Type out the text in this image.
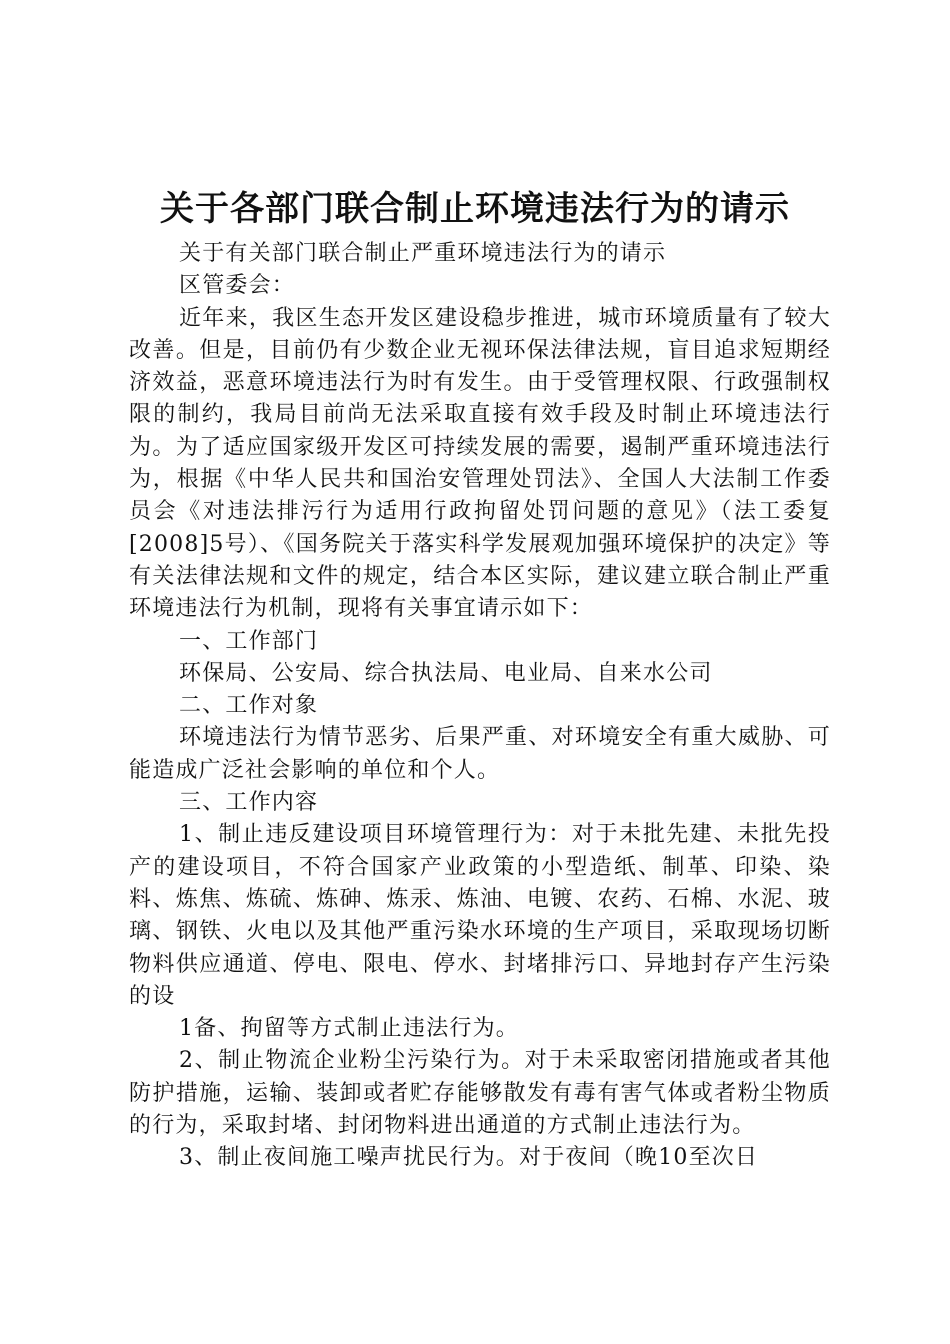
关于各部门联合制止环境违法行为的请示

关于有关部门联合制止严重环境违法行为的请示

区管委会：

近年来，我区生态开发区建设稳步推进，城市环境质量有了较大改善。但是，目前仍有少数企业无视环保法律法规，盲目追求短期经济效益，恶意环境违法行为时有发生。由于受管理权限、行政强制权限的制约，我局目前尚无法采取直接有效手段及时制止环境违法行为。为了适应国家级开发区可持续发展的需要，遏制严重环境违法行为，根据《中华人民共和国治安管理处罚法》、全国人大法制工作委员会《对违法排污行为适用行政拘留处罚问题的意见》（法工委复[2008]5号）、《国务院关于落实科学发展观加强环境保护的决定》等有关法律法规和文件的规定，结合本区实际，建议建立联合制止严重环境违法行为机制，现将有关事宜请示如下：

一、工作部门

环保局、公安局、综合执法局、电业局、自来水公司

二、工作对象

环境违法行为情节恶劣、后果严重、对环境安全有重大威胁、可能造成广泛社会影响的单位和个人。

三、工作内容

1、制止违反建设项目环境管理行为：对于未批先建、未批先投产的建设项目，不符合国家产业政策的小型造纸、制革、印染、染料、炼焦、炼硫、炼砷、炼汞、炼油、电镀、农药、石棉、水泥、玻璃、钢铁、火电以及其他严重污染水环境的生产项目，采取现场切断物料供应通道、停电、限电、停水、封堵排污口、异地封存产生污染的设

1备、拘留等方式制止违法行为。

2、制止物流企业粉尘污染行为。对于未采取密闭措施或者其他防护措施，运输、装卸或者贮存能够散发有毒有害气体或者粉尘物质的行为，采取封堵、封闭物料进出通道的方式制止违法行为。

3、制止夜间施工噪声扰民行为。对于夜间（晚10至次日
